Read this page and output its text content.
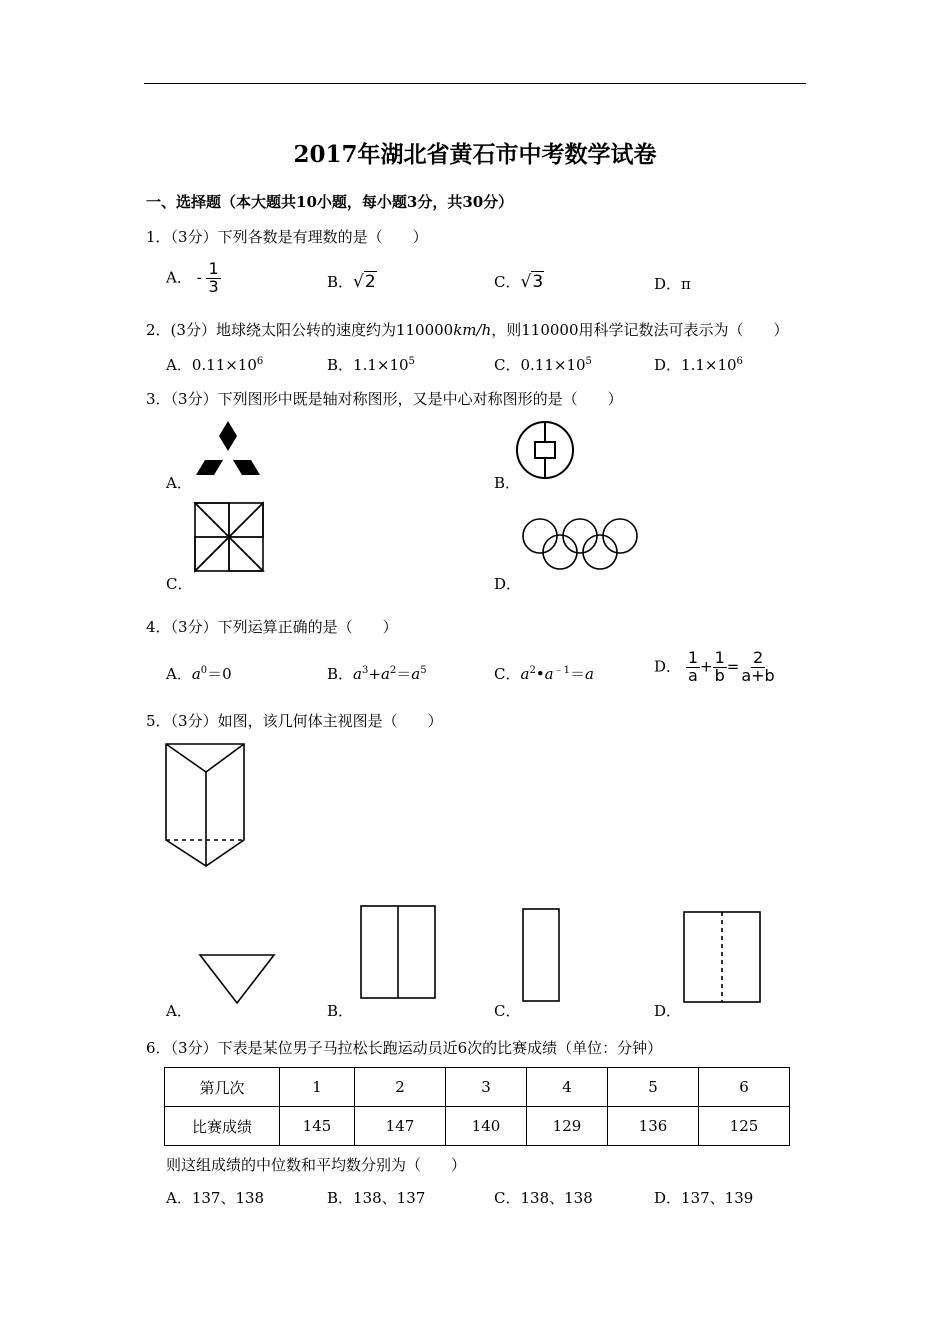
2017年湖北省黄石市中考数学试卷
一、选择题（本大题共10小题，每小题3分，共30分）
1．（3分）下列各数是有理数的是（　　）
A． - $\frac{1}{3}$	B．√2	C．√3	D．π
2．(3分）地球绕太阳公转的速度约为110000km/h，则110000用科学记数法可表示为（　　）
A．$0.11\times 10^6$	B．$1.1\times 10^5$	C．$0.11\times 10^5$	D．$1.1\times 10^6$
3．（3分）下列图形中既是轴对称图形，又是中心对称图形的是（　　）
A．	B．
C．	D．
4．（3分）下列运算正确的是（　　）
A．$a^0=0$	B．$a^3+a^2=a^5$	C．$a^2•a^{﹣1}=a$	D． $\frac{1}{a} + \frac{1}{b} = \frac{2}{a+b}$
5．（3分）如图，该几何体主视图是（　　）
A．	B．	C．	D．
6．（3分）下表是某位男子马拉松长跑运动员近6次的比赛成绩（单位：分钟）
第几次	1	2	3	4	5	6
比赛成绩	145	147	140	129	136	125
则这组成绩的中位数和平均数分别为（　　）
A．137、138	B．138、137	C．138、138	D．137、139
